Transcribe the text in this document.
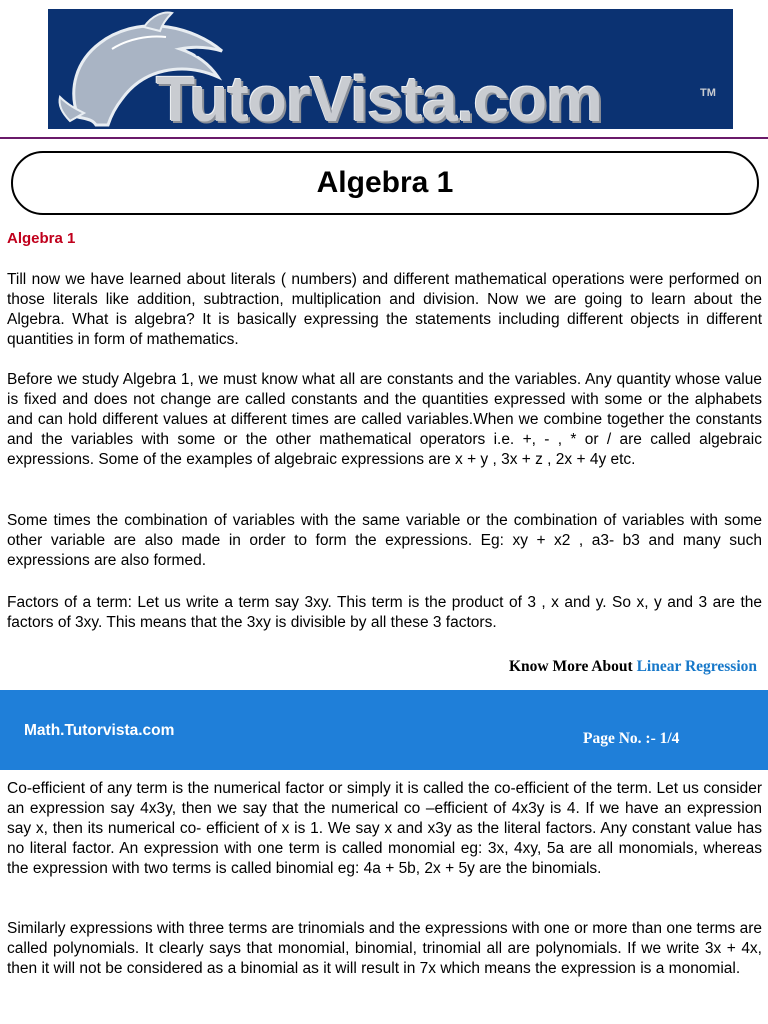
TutorVista.com	TM
Algebra 1
Algebra 1

Till now we have learned about literals ( numbers) and different mathematical operations were performed on those literals like addition, subtraction, multiplication and division. Now we are going to learn about the Algebra. What is algebra? It is basically expressing the statements including different objects in different quantities in form of mathematics.

Before we study Algebra 1, we must know what all are constants and the variables. Any quantity whose value is fixed and does not change are called constants and the quantities expressed with some or the alphabets and can hold different values at different times are called variables.When we combine together the constants and the variables with some or the other mathematical operators i.e. +, - , * or / are called algebraic expressions. Some of the examples of algebraic expressions are x + y , 3x + z , 2x + 4y etc.

Some times the combination of variables with the same variable or the combination of variables with some other variable are also made in order to form the expressions. Eg: xy + x2 , a3- b3 and many such expressions are also formed.

Factors of a term: Let us write a term say 3xy. This term is the product of 3 , x and y. So x, y and 3 are the factors of 3xy. This means that the 3xy is divisible by all these 3 factors.

Know More About Linear Regression
Math.Tutorvista.com	Page No. :- 1/4

Co-efficient of any term is the numerical factor or simply it is called the co-efficient of the term. Let us consider an expression say 4x3y, then we say that the numerical co –efficient of 4x3y is 4. If we have an expression say x, then its numerical co- efficient of x is 1. We say x and x3y as the literal factors. Any constant value has no literal factor. An expression with one term is called monomial eg: 3x, 4xy, 5a are all monomials, whereas the expression with two terms is called binomial eg: 4a + 5b, 2x + 5y are the binomials.

Similarly expressions with three terms are trinomials and the expressions with one or more than one terms are called polynomials. It clearly says that monomial, binomial, trinomial all are polynomials. If we write 3x + 4x, then it will not be considered as a binomial as it will result in 7x which means the expression is a monomial.
